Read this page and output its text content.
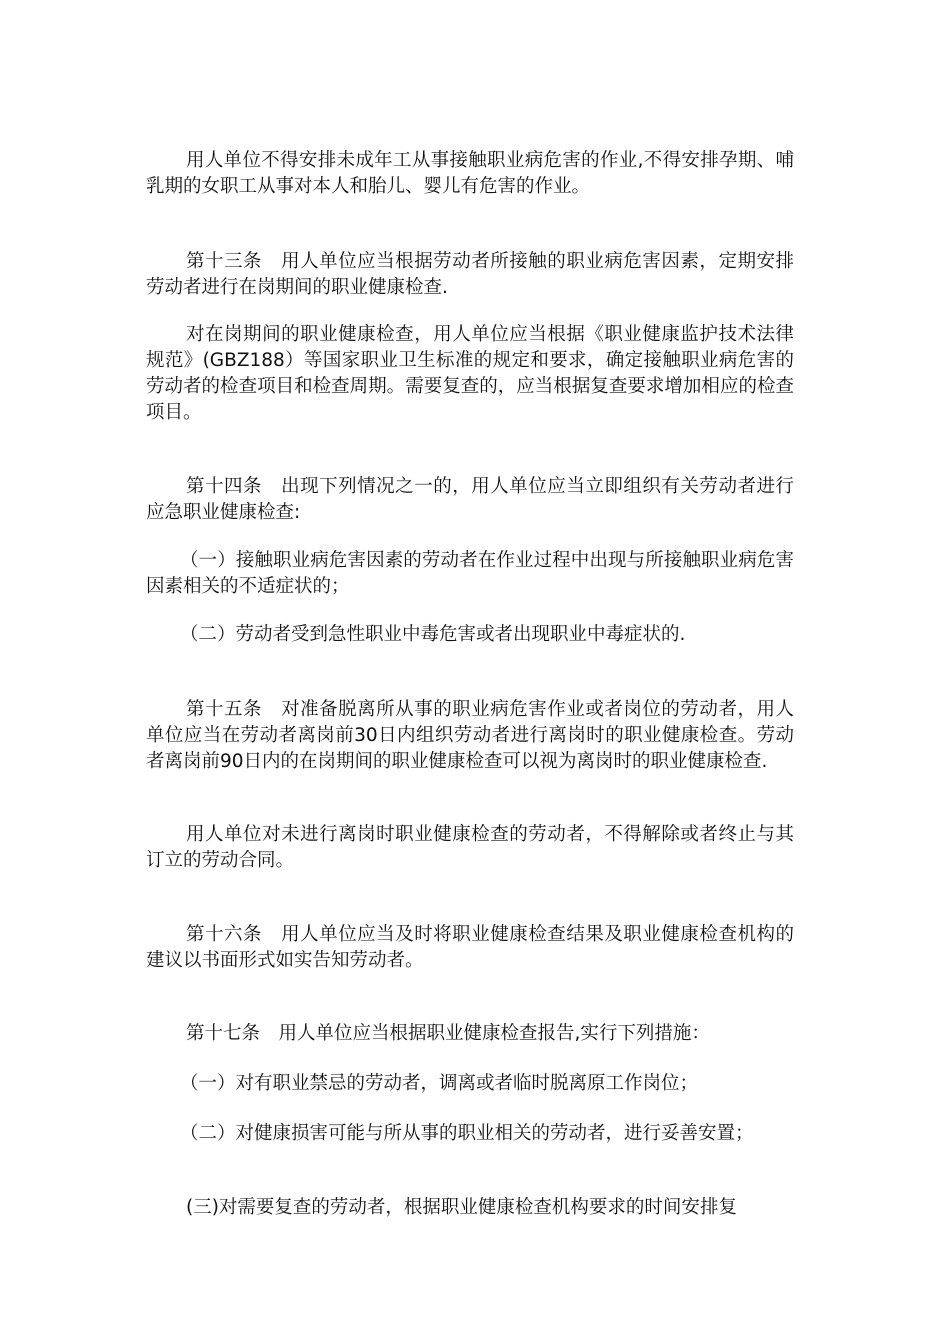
用人单位不得安排未成年工从事接触职业病危害的作业,不得安排孕期、哺乳期的女职工从事对本人和胎儿、婴儿有危害的作业。

第十三条　用人单位应当根据劳动者所接触的职业病危害因素，定期安排劳动者进行在岗期间的职业健康检查.

对在岗期间的职业健康检查，用人单位应当根据《职业健康监护技术法律规范》(GBZ188）等国家职业卫生标准的规定和要求，确定接触职业病危害的劳动者的检查项目和检查周期。需要复查的，应当根据复查要求增加相应的检查项目。

第十四条　出现下列情况之一的，用人单位应当立即组织有关劳动者进行应急职业健康检查:

（一）接触职业病危害因素的劳动者在作业过程中出现与所接触职业病危害因素相关的不适症状的；

（二）劳动者受到急性职业中毒危害或者出现职业中毒症状的.

第十五条　对准备脱离所从事的职业病危害作业或者岗位的劳动者，用人单位应当在劳动者离岗前30日内组织劳动者进行离岗时的职业健康检查。劳动者离岗前90日内的在岗期间的职业健康检查可以视为离岗时的职业健康检查.

用人单位对未进行离岗时职业健康检查的劳动者，不得解除或者终止与其订立的劳动合同。

第十六条　用人单位应当及时将职业健康检查结果及职业健康检查机构的建议以书面形式如实告知劳动者。

第十七条　用人单位应当根据职业健康检查报告,实行下列措施：

（一）对有职业禁忌的劳动者，调离或者临时脱离原工作岗位；

（二）对健康损害可能与所从事的职业相关的劳动者，进行妥善安置；

(三)对需要复查的劳动者，根据职业健康检查机构要求的时间安排复
